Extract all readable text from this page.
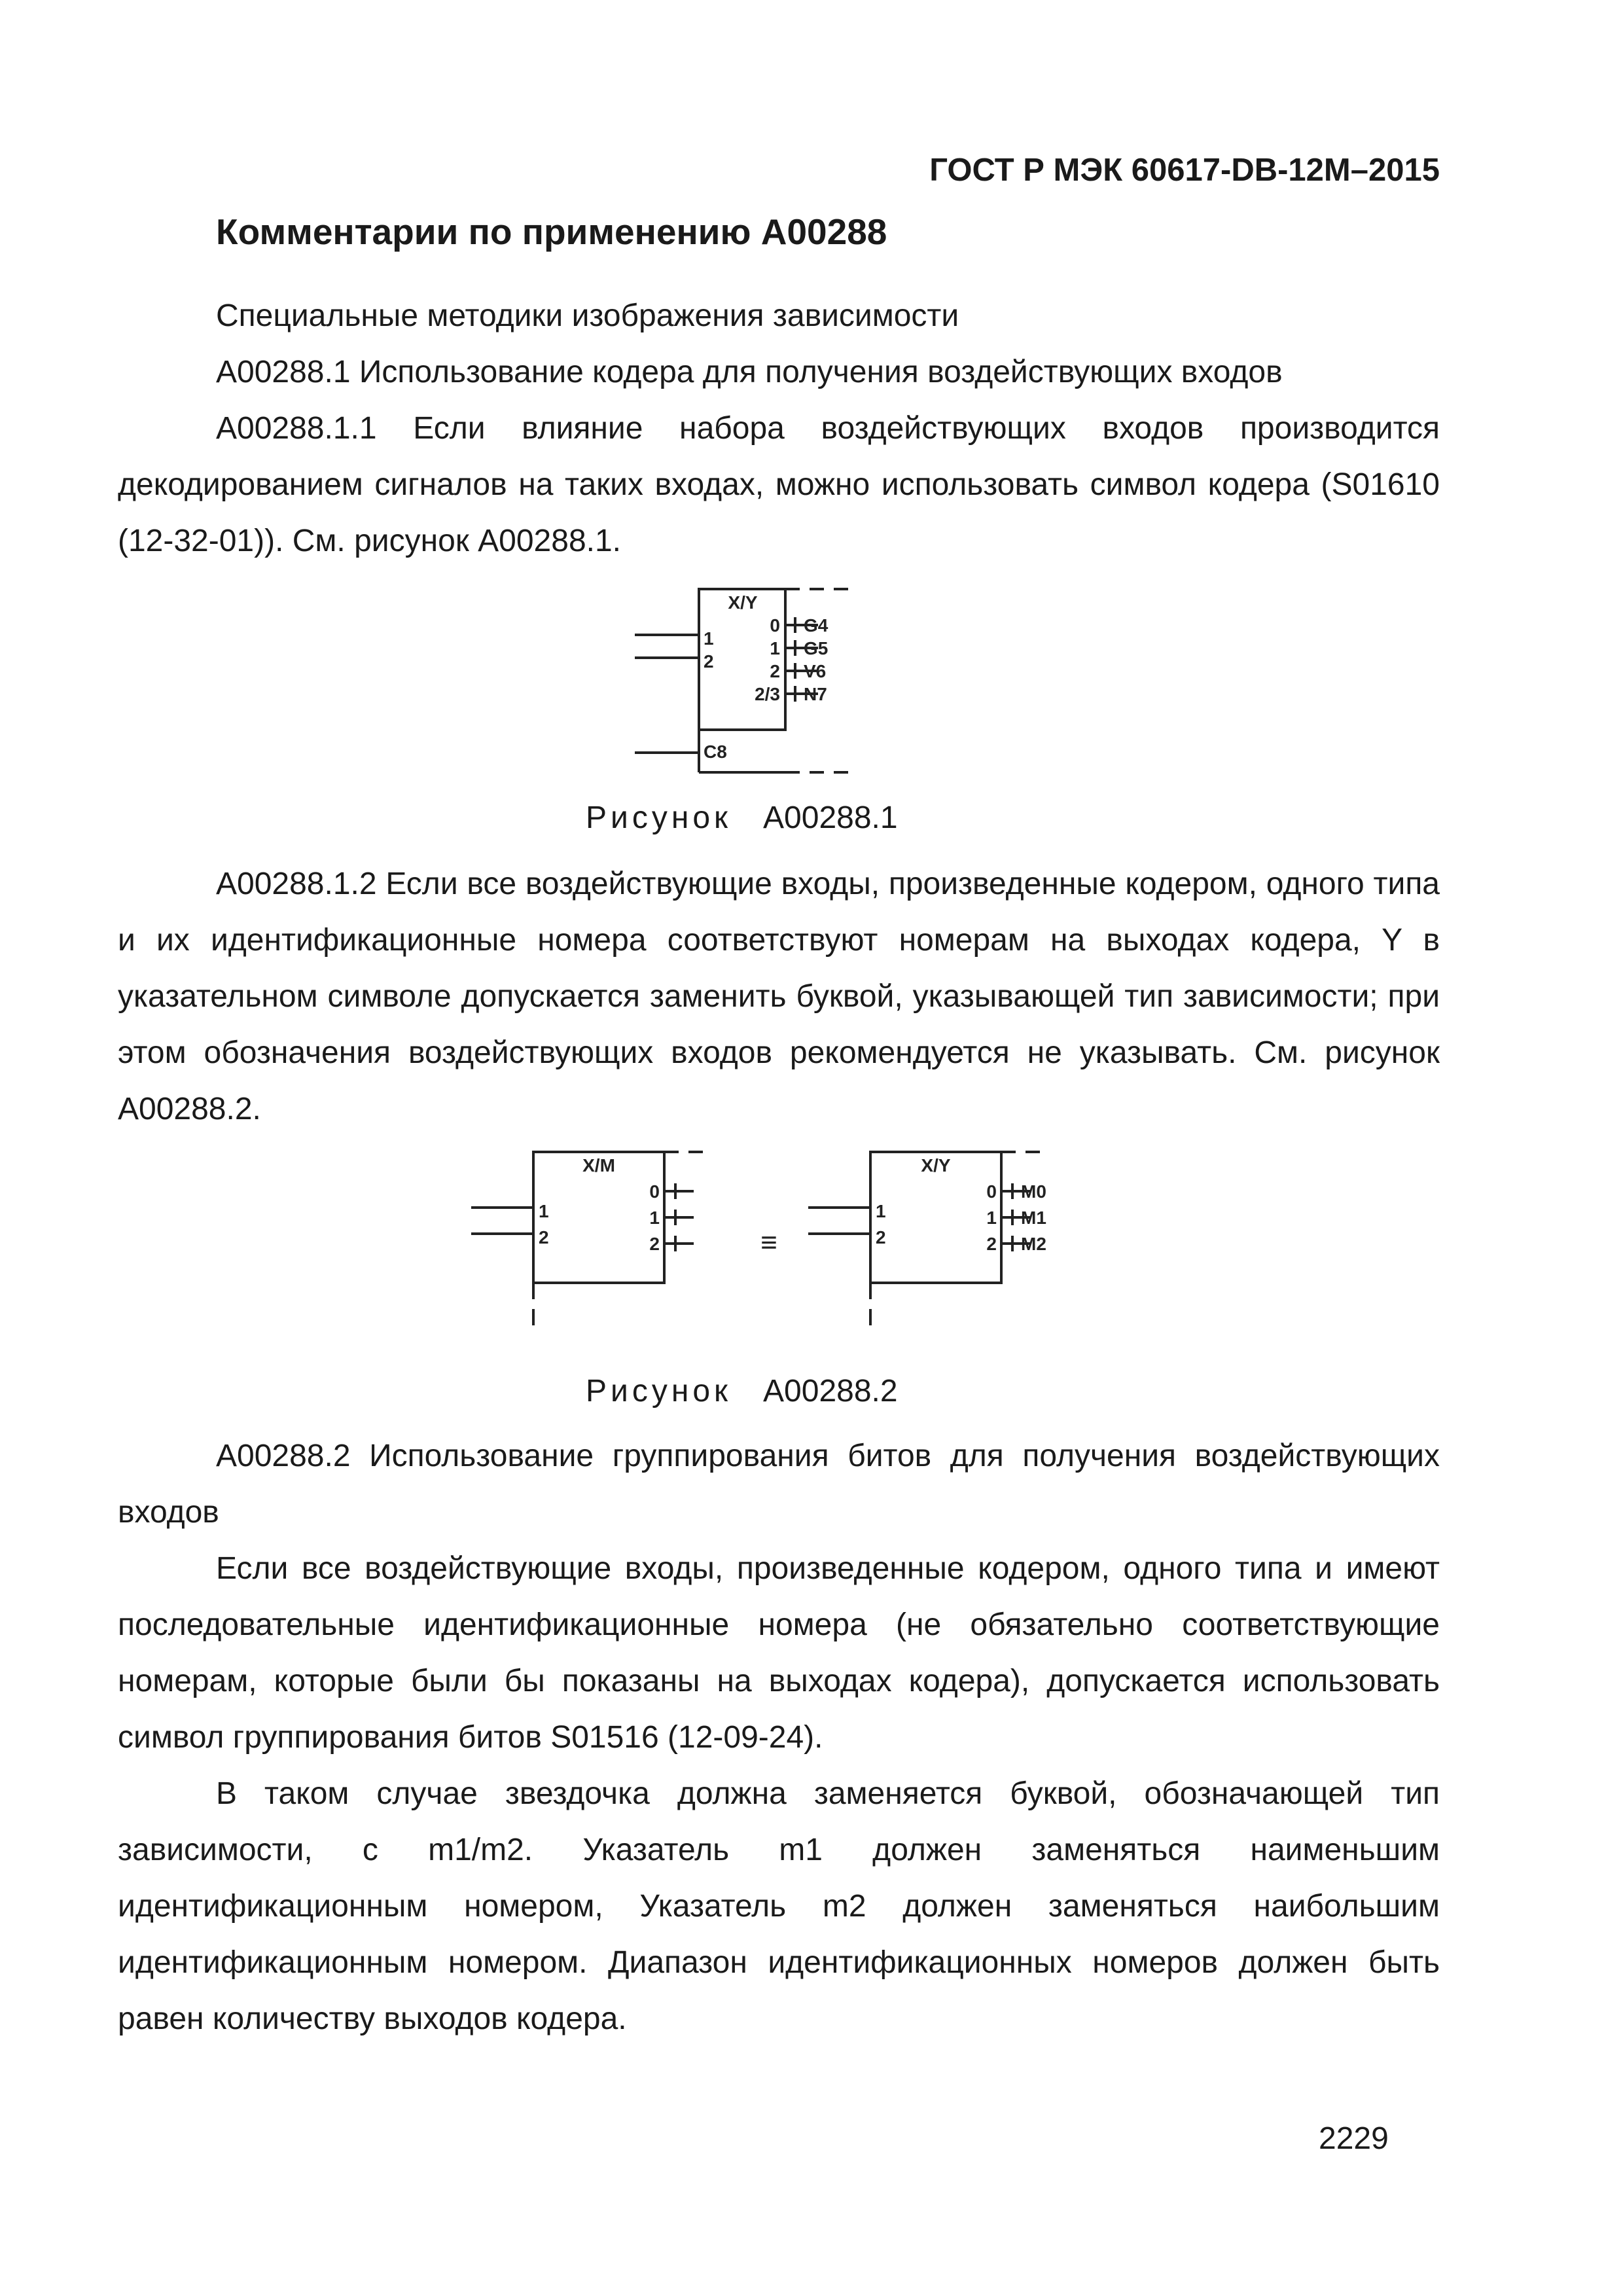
ГОСТ Р МЭК 60617-DB-12M–2015
Комментарии по применению A00288

Специальные методики изображения зависимости

A00288.1 Использование кодера для получения воздействующих входов

A00288.1.1 Если влияние набора воздействующих входов производится декодированием сигналов на таких входах, можно использовать символ кодера (S01610 (12-32-01)). См. рисунок A00288.1.

X/Y
1
2
C8
0
1
2
2/3
G4
G5
V6
N7
Рисунок A00288.1

A00288.1.2 Если все воздействующие входы, произведенные кодером, одного типа и их идентификационные номера соответствуют номерам на выходах кодера, Y в указательном символе допускается заменить буквой, указывающей тип зависимости; при этом обозначения воздействующих входов рекомендуется не указывать. См. рисунок A00288.2.

X/M
1
2
0
1
2	≡
X/Y
1
2
0
1
2
M0
M1
M2
Рисунок A00288.2

A00288.2 Использование группирования битов для получения воздействующих входов

Если все воздействующие входы, произведенные кодером, одного типа и имеют последовательные идентификационные номера (не обязательно соответствующие номерам, которые были бы показаны на выходах кодера), допускается использовать символ группирования битов S01516 (12-09-24).

В таком случае звездочка должна заменяется буквой, обозначающей тип зависимости, с m1/m2. Указатель m1 должен заменяться наименьшим идентификационным номером, Указатель m2 должен заменяться наибольшим идентификационным номером. Диапазон идентификационных номеров должен быть равен количеству выходов кодера.

2229
